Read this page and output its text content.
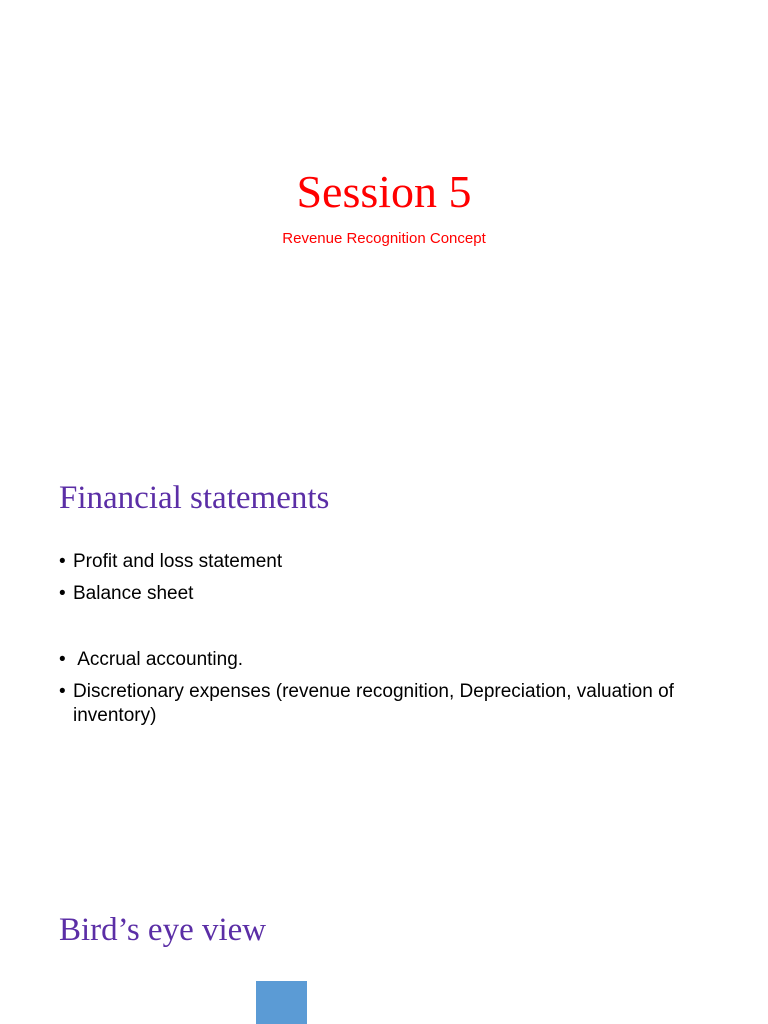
Session 5

Revenue Recognition Concept

Financial statements
• Profit and loss statement
• Balance sheet
• Accrual accounting.
• Discretionary expenses (revenue recognition, Depreciation, valuation of inventory)
Bird’s eye view
